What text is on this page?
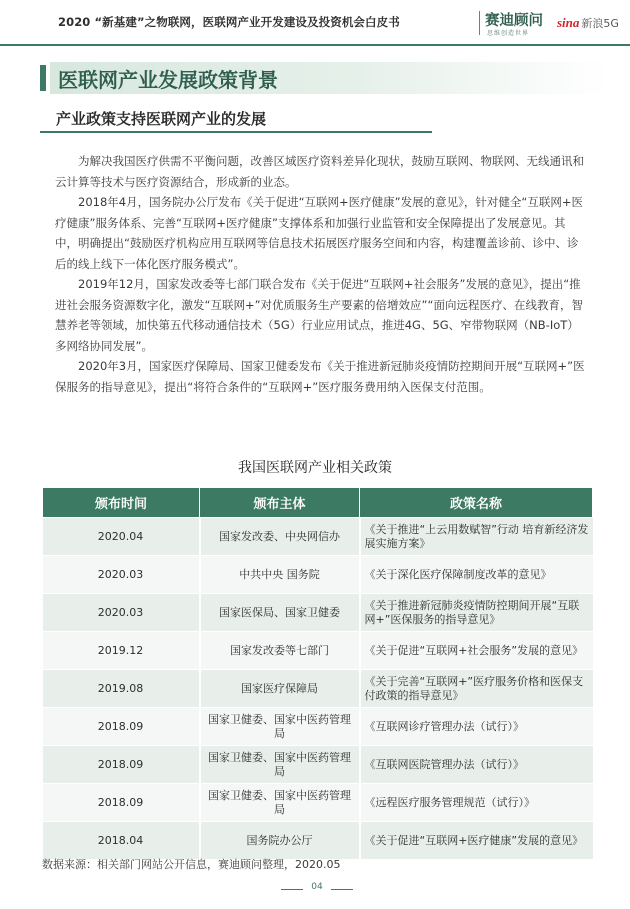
2020 “新基建”之物联网，医联网产业开发建设及投资机会白皮书	赛迪顾问
思维创造世界
sina 新浪5G
医联网产业发展政策背景
产业政策支持医联网产业的发展

为解决我国医疗供需不平衡问题，改善区域医疗资料差异化现状，鼓励互联网、物联网、无线通讯和云计算等技术与医疗资源结合，形成新的业态。

2018年4月，国务院办公厅发布《关于促进“互联网+医疗健康”发展的意见》，针对健全“互联网+医疗健康”服务体系、完善“互联网+医疗健康”支撑体系和加强行业监管和安全保障提出了发展意见。其中，明确提出“鼓励医疗机构应用互联网等信息技术拓展医疗服务空间和内容，构建覆盖诊前、诊中、诊后的线上线下一体化医疗服务模式”。

2019年12月，国家发改委等七部门联合发布《关于促进“互联网+社会服务”发展的意见》，提出“推进社会服务资源数字化，激发“互联网+”对优质服务生产要素的倍增效应”“面向远程医疗、在线教育，智慧养老等领域，加快第五代移动通信技术（5G）行业应用试点，推进4G、5G、窄带物联网（NB-IoT）多网络协同发展”。

2020年3月，国家医疗保障局、国家卫健委发布《关于推进新冠肺炎疫情防控期间开展“互联网+”医保服务的指导意见》，提出“将符合条件的“互联网+”医疗服务费用纳入医保支付范围。

我国医联网产业相关政策
颁布时间	颁布主体	政策名称
2020.04	国家发改委、中央网信办	《关于推进“上云用数赋智”行动 培育新经济发展实施方案》
2020.03	中共中央 国务院	《关于深化医疗保障制度改革的意见》
2020.03	国家医保局、国家卫健委	《关于推进新冠肺炎疫情防控期间开展“互联网+”医保服务的指导意见》
2019.12	国家发改委等七部门	《关于促进“互联网+社会服务”发展的意见》
2019.08	国家医疗保障局	《关于完善“互联网+”医疗服务价格和医保支付政策的指导意见》
2018.09	国家卫健委、国家中医药管理局	《互联网诊疗管理办法（试行）》
2018.09	国家卫健委、国家中医药管理局	《互联网医院管理办法（试行）》
2018.09	国家卫健委、国家中医药管理局	《远程医疗服务管理规范（试行）》
2018.04	国务院办公厅	《关于促进“互联网+医疗健康”发展的意见》
数据来源：相关部门网站公开信息，赛迪顾问整理，2020.05
04
